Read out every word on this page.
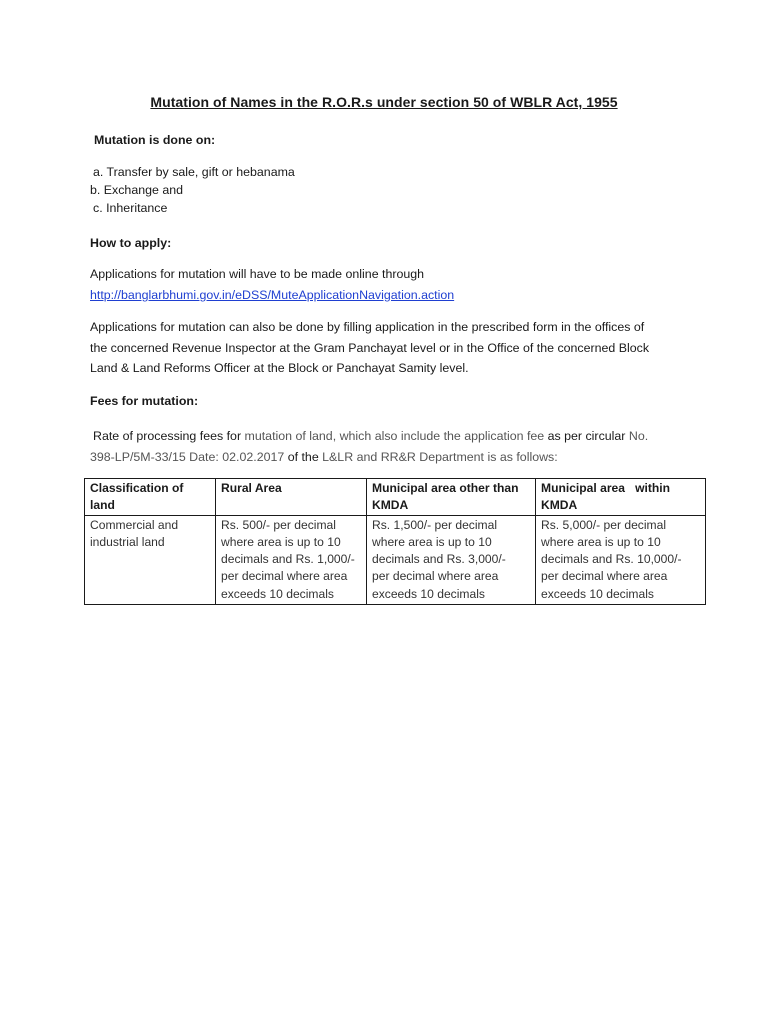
Mutation of Names in the R.O.R.s under section 50 of WBLR Act, 1955
Mutation is done on:
a. Transfer by sale, gift or hebanama
b. Exchange and
c. Inheritance
How to apply:
Applications for mutation will have to be made online through
http://banglarbhumi.gov.in/eDSS/MuteApplicationNavigation.action
Applications for mutation can also be done by filling application in the prescribed form in the offices of
the concerned Revenue Inspector at the Gram Panchayat level or in the Office of the concerned Block
Land & Land Reforms Officer at the Block or Panchayat Samity level.
Fees for mutation:
Rate of processing fees for mutation of land, which also include the application fee as per circular No.
398-LP/5M-33/15 Date: 02.02.2017 of the L&LR and RR&R Department is as follows:
Classification of
land	Rural Area	Municipal area other than
KMDA	Municipal area   within
KMDA
Commercial and
industrial land	Rs. 500/- per decimal
where area is up to 10
decimals and Rs. 1,000/-
per decimal where area
exceeds 10 decimals	Rs. 1,500/- per decimal
where area is up to 10
decimals and Rs. 3,000/-
per decimal where area
exceeds 10 decimals	Rs. 5,000/- per decimal
where area is up to 10
decimals and Rs. 10,000/-
per decimal where area
exceeds 10 decimals
